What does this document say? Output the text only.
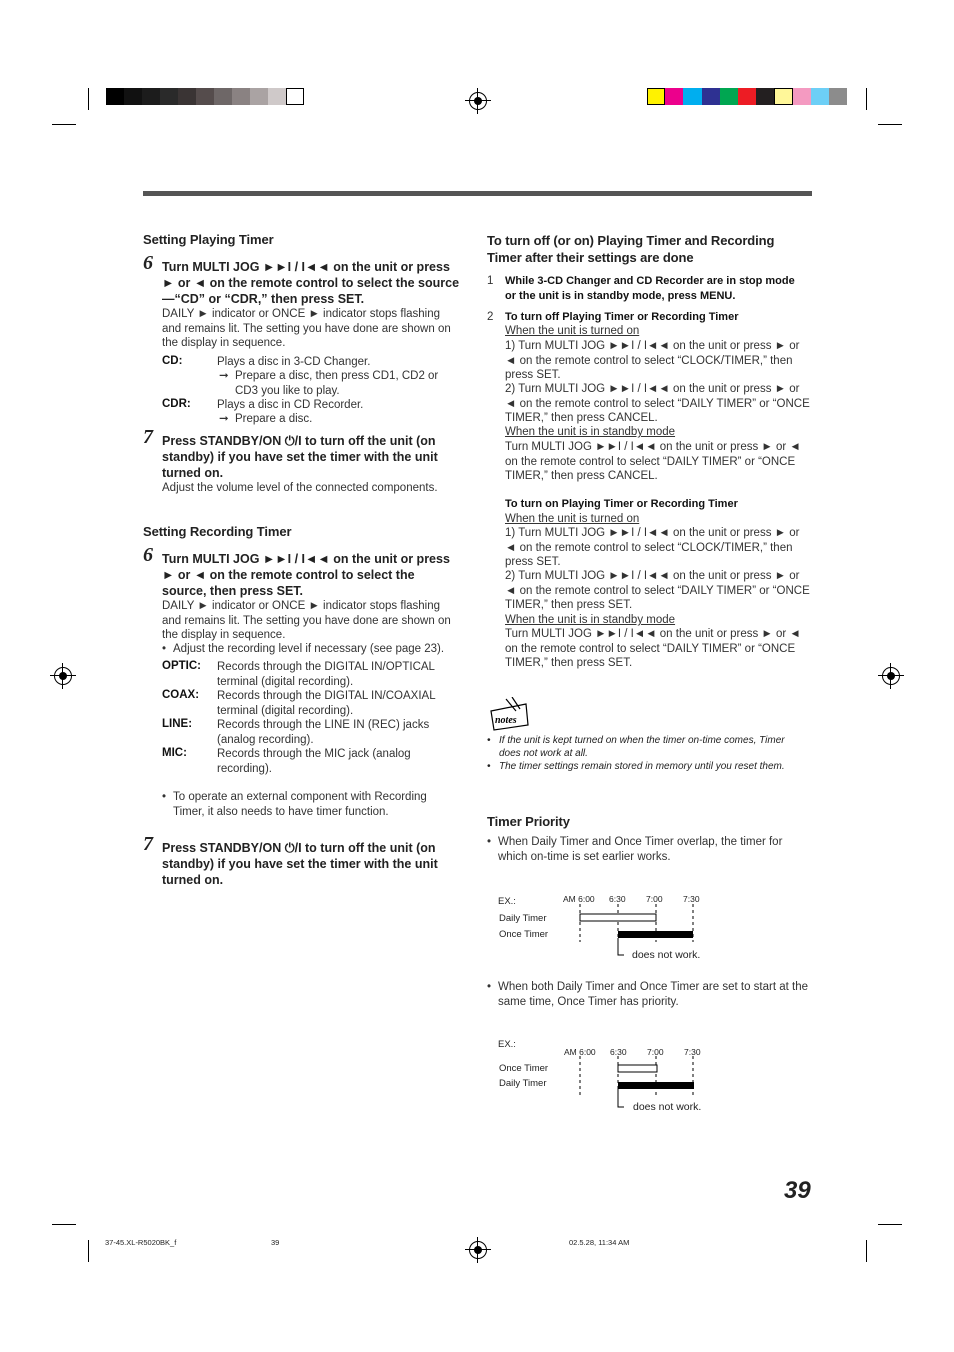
Setting Playing Timer
6 Turn MULTI JOG ►►I / I◄◄ on the unit or press ► or ◄ on the remote control to select the source—“CD” or “CDR,” then press SET.
DAILY ► indicator or ONCE ► indicator stops flashing and remains lit. The setting you have done are shown on the display in sequence.
CD:	Plays a disc in 3-CD Changer.
➞ Prepare a disc, then press CD1, CD2 or CD3 you like to play.
CDR: Plays a disc in CD Recorder.
➞ Prepare a disc.
7 Press STANDBY/ON ⏻/I to turn off the unit (on standby) if you have set the timer with the unit turned on.
Adjust the volume level of the connected components.
Setting Recording Timer
6 Turn MULTI JOG ►►I / I◄◄ on the unit or press ► or ◄ on the remote control to select the source, then press SET.
DAILY ► indicator or ONCE ► indicator stops flashing and remains lit. The setting you have done are shown on the display in sequence.
• Adjust the recording level if necessary (see page 23).
OPTIC: Records through the DIGITAL IN/OPTICAL terminal (digital recording).
COAX: Records through the DIGITAL IN/COAXIAL terminal (digital recording).
LINE: Records through the LINE IN (REC) jacks (analog recording).
MIC:	Records through the MIC jack (analog recording).
• To operate an external component with Recording Timer, it also needs to have timer function.
7 Press STANDBY/ON ⏻/I to turn off the unit (on standby) if you have set the timer with the unit turned on.
To turn off (or on) Playing Timer and Recording Timer after their settings are done
1 While 3-CD Changer and CD Recorder are in stop mode or the unit is in standby mode, press MENU.
2 To turn off Playing Timer or Recording Timer
When the unit is turned on
1) Turn MULTI JOG ►►I / I◄◄ on the unit or press ► or ◄ on the remote control to select “CLOCK/TIMER,” then press SET.
2) Turn MULTI JOG ►►I / I◄◄ on the unit or press ► or ◄ on the remote control to select “DAILY TIMER” or “ONCE TIMER,” then press CANCEL.
When the unit is in standby mode
Turn MULTI JOG ►►I / I◄◄ on the unit or press ► or ◄ on the remote control to select “DAILY TIMER” or “ONCE TIMER,” then press CANCEL.
To turn on Playing Timer or Recording Timer
When the unit is turned on
1) Turn MULTI JOG ►►I / I◄◄ on the unit or press ► or ◄ on the remote control to select “CLOCK/TIMER,” then press SET.
2) Turn MULTI JOG ►►I / I◄◄ on the unit or press ► or ◄ on the remote control to select “DAILY TIMER” or “ONCE TIMER,” then press SET.
When the unit is in standby mode
Turn MULTI JOG ►►I / I◄◄ on the unit or press ► or ◄ on the remote control to select “DAILY TIMER” or “ONCE TIMER,” then press SET.
notes
• If the unit is kept turned on when the timer on-time comes, Timer does not work at all.
• The timer settings remain stored in memory until you reset them.
Timer Priority
• When Daily Timer and Once Timer overlap, the timer for which on-time is set earlier works.
EX.:	AM 6:00 6:30 7:00 7:30
Daily Timer
Once Timer
does not work.
• When both Daily Timer and Once Timer are set to start at the same time, Once Timer has priority.
EX.:
AM 6:00 6:30 7:00 7:30
Once Timer
Daily Timer
does not work.
39
37-45.XL-R5020BK_f	39	02.5.28, 11:34 AM
